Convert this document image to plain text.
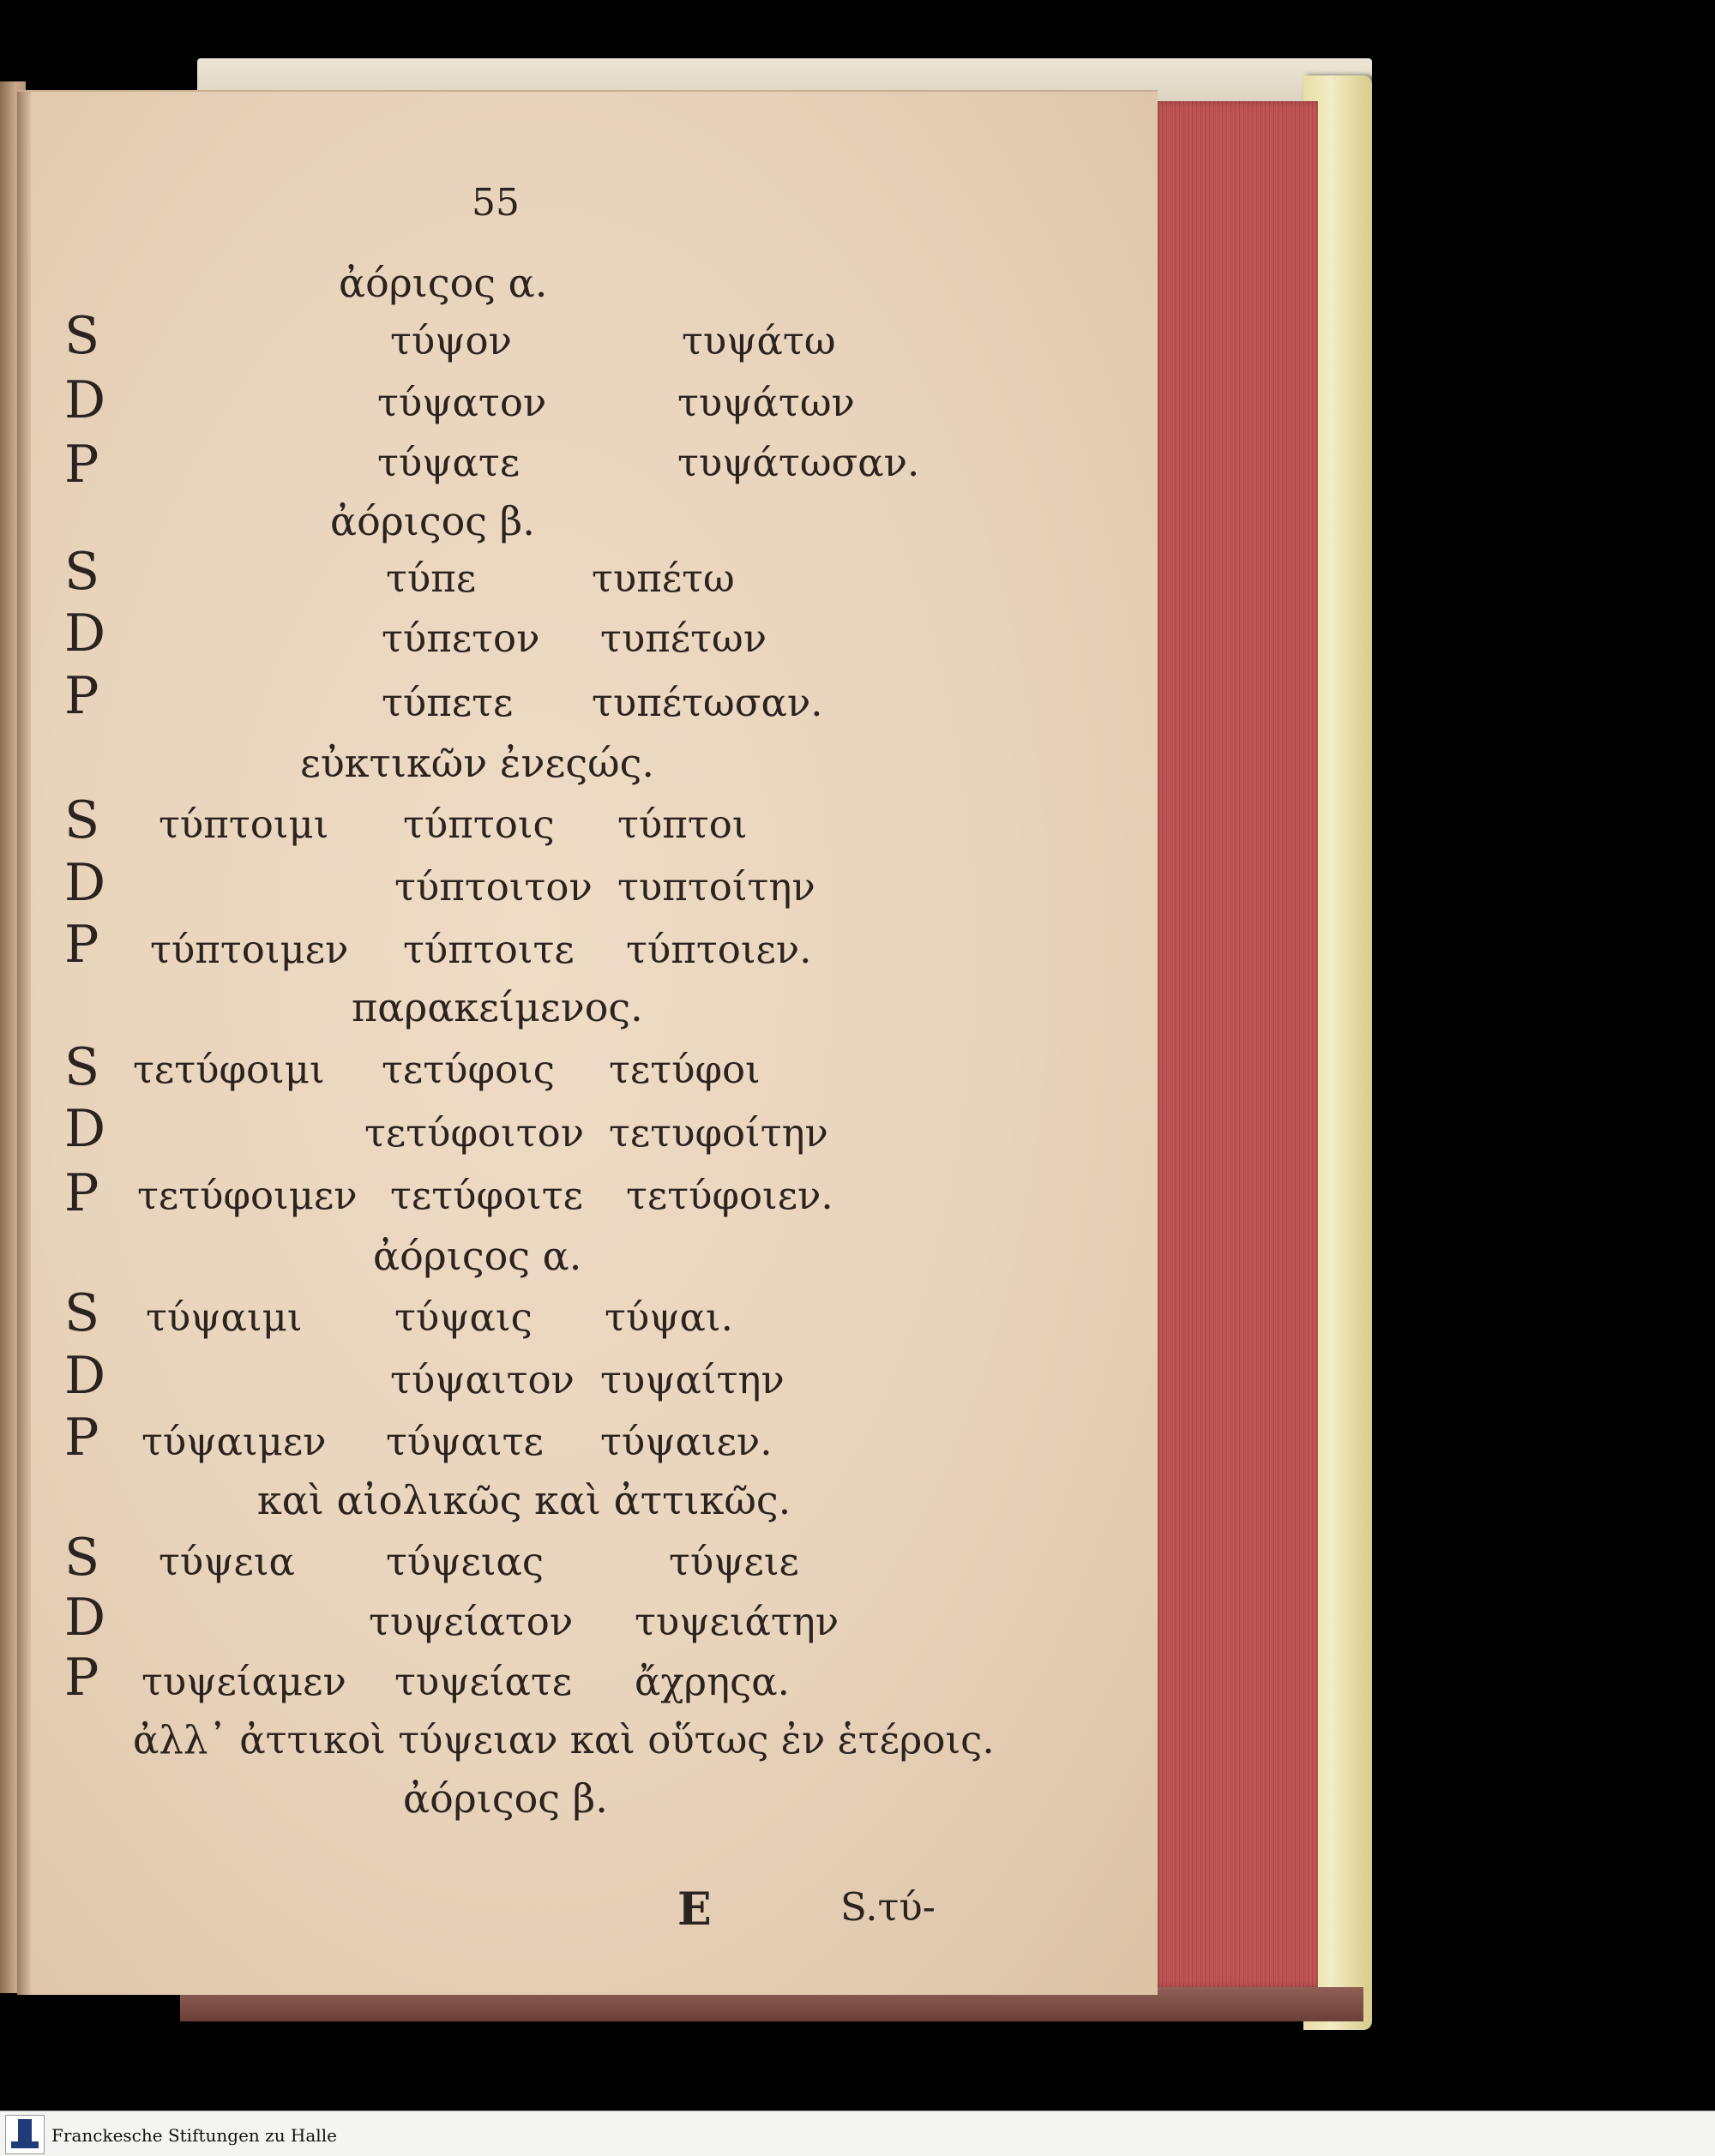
55
ἀόριςος α.
S	τύψον	τυψάτω
D	τύψατον	τυψάτων
P	τύψατε	τυψάτωσαν.
ἀόριςος β.
S	τύπε	τυπέτω
D	τύπετον τυπέτων
P	τύπετε τυπέτωσαν.
εὐκτικῶν ἐνεςώς.
S τύπτοιμι τύπτοις τύπτοι
D	τύπτοιτον τυπτοίτην
P τύπτοιμεν τύπτοιτε τύπτοιεν.
παρακείμενος.
S τετύφοιμι τετύφοις τετύφοι
D	τετύφοιτον τετυφοίτην
P τετύφοιμεν τετύφοιτε τετύφοιεν.
ἀόριςος α.
S τύψαιμι τύψαις τύψαι.
D	τύψαιτον τυψαίτην
P τύψαιμεν τύψαιτε τύψαιεν.
καὶ αἰολικῶς καὶ ἀττικῶς.
S τύψεια τύψειας	τύψειε
D	τυψείατον τυψειάτην
P τυψείαμεν τυψείατε ἄχρηςα.
ἀλλ᾽ ἀττικοὶ τύψειαν καὶ οὕτως ἐν ἑτέροις.
ἀόριςος β.
E	S.τύ-
Franckesche Stiftungen zu Halle
